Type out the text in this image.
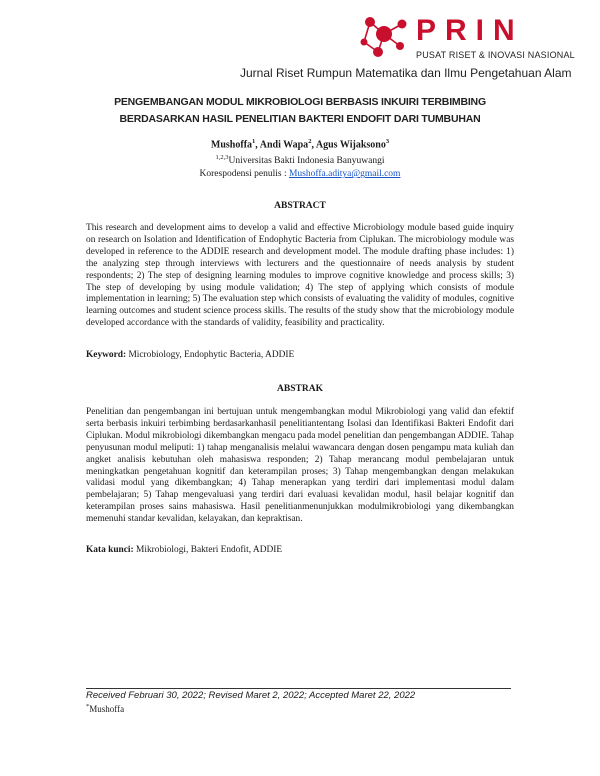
PRIN
PUSAT RISET & INOVASI NASIONAL
Jurnal Riset Rumpun Matematika dan Ilmu Pengetahuan Alam
PENGEMBANGAN MODUL MIKROBIOLOGI BERBASIS INKUIRI TERBIMBING
BERDASARKAN HASIL PENELITIAN BAKTERI ENDOFIT DARI TUMBUHAN
Mushoffa$^1$, Andi Wapa$^2$, Agus Wijaksono$^3$
$^{1,2,3}$Universitas Bakti Indonesia Banyuwangi
Korespodensi penulis : Mushoffa.aditya@gmail.com
ABSTRACT
This research and development aims to develop a valid and effective Microbiology module based guide inquiry on research on Isolation and Identification of Endophytic Bacteria from Ciplukan. The microbiology module was developed in reference to the ADDIE research and development model. The module drafting phase includes: 1) the analyzing step through interviews with lecturers and the questionnaire of needs analysis by student respondents; 2) The step of designing learning modules to improve cognitive knowledge and process skills; 3) The step of developing by using module validation; 4) The step of applying which consists of module implementation in learning; 5) The evaluation step which consists of evaluating the validity of modules, cognitive learning outcomes and student science process skills. The results of the study show that the microbiology module developed accordance with the standards of validity, feasibility and practicality.
Keyword: Microbiology, Endophytic Bacteria, ADDIE
ABSTRAK
Penelitian dan pengembangan ini bertujuan untuk mengembangkan modul Mikrobiologi yang valid dan efektif serta berbasis inkuiri terbimbing berdasarkanhasil penelitiantentang Isolasi dan Identifikasi Bakteri Endofit dari Ciplukan. Modul mikrobiologi dikembangkan mengacu pada model penelitian dan pengembangan ADDIE. Tahap penyusunan modul meliputi: 1) tahap menganalisis melalui wawancara dengan dosen pengampu mata kuliah dan angket analisis kebutuhan oleh mahasiswa responden; 2) Tahap merancang modul pembelajaran untuk meningkatkan pengetahuan kognitif dan keterampilan proses; 3) Tahap mengembangkan dengan melakukan validasi modul yang dikembangkan; 4) Tahap menerapkan yang terdiri dari implementasi modul dalam pembelajaran; 5) Tahap mengevaluasi yang terdiri dari evaluasi kevalidan modul, hasil belajar kognitif dan keterampilan proses sains mahasiswa. Hasil penelitianmenunjukkan modulmikrobiologi yang dikembangkan memenuhi standar kevalidan, kelayakan, dan kepraktisan.
Kata kunci: Mikrobiologi, Bakteri Endofit, ADDIE
Received Februari 30, 2022; Revised Maret 2, 2022; Accepted Maret 22, 2022
*Mushoffa
